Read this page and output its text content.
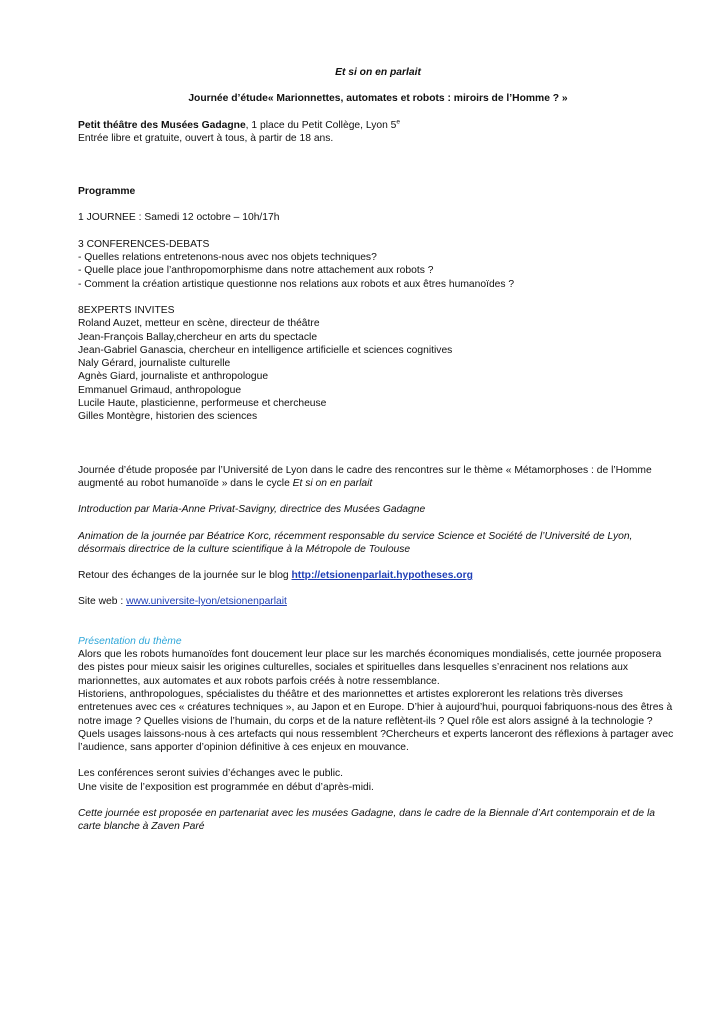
Et si on en parlait

Journée d’étude« Marionnettes, automates et robots : miroirs de l’Homme ? »

Petit théâtre des Musées Gadagne, 1 place du Petit Collège, Lyon 5e

Entrée libre et gratuite, ouvert à tous, à partir de 18 ans.

Programme

1 JOURNEE : Samedi 12 octobre – 10h/17h

3 CONFERENCES-DEBATS

- Quelles relations entretenons-nous avec nos objets techniques?

- Quelle place joue l’anthropomorphisme dans notre attachement aux robots ?

- Comment la création artistique questionne nos relations aux robots et aux êtres humanoïdes ?

8EXPERTS INVITES

Roland Auzet, metteur en scène, directeur de théâtre

Jean-François Ballay,chercheur en arts du spectacle

Jean-Gabriel Ganascia, chercheur en intelligence artificielle et sciences cognitives

Naly Gérard, journaliste culturelle

Agnès Giard, journaliste et anthropologue

Emmanuel Grimaud, anthropologue

Lucile Haute, plasticienne, performeuse et chercheuse

Gilles Montègre, historien des sciences

Journée d’étude proposée par l’Université de Lyon dans le cadre des rencontres sur le thème « Métamorphoses : de l’Homme augmenté au robot humanoïde » dans le cycle Et si on en parlait

Introduction par Maria-Anne Privat-Savigny, directrice des Musées Gadagne

Animation de la journée par Béatrice Korc, récemment responsable du service Science et Société de l’Université de Lyon, désormais directrice de la culture scientifique à la Métropole de Toulouse

Retour des échanges de la journée sur le blog http://etsionenparlait.hypotheses.org

Site web : www.universite-lyon/etsionenparlait

Présentation du thème

Alors que les robots humanoïdes font doucement leur place sur les marchés économiques mondialisés, cette journée proposera des pistes pour mieux saisir les origines culturelles, sociales et spirituelles dans lesquelles s’enracinent nos relations aux marionnettes, aux automates et aux robots parfois créés à notre ressemblance.

Historiens, anthropologues, spécialistes du théâtre et des marionnettes et artistes exploreront les relations très diverses entretenues avec ces « créatures techniques », au Japon et en Europe. D’hier à aujourd’hui, pourquoi fabriquons-nous des êtres à notre image ? Quelles visions de l’humain, du corps et de la nature reflètent-ils ? Quel rôle est alors assigné à la technologie ? Quels usages laissons-nous à ces artefacts qui nous ressemblent ?Chercheurs et experts lanceront des réflexions à partager avec l’audience, sans apporter d’opinion définitive à ces enjeux en mouvance.

Les conférences seront suivies d’échanges avec le public.

Une visite de l’exposition est programmée en début d’après-midi.

Cette journée est proposée en partenariat avec les musées Gadagne, dans le cadre de la Biennale d’Art contemporain et de la carte blanche à Zaven Paré
